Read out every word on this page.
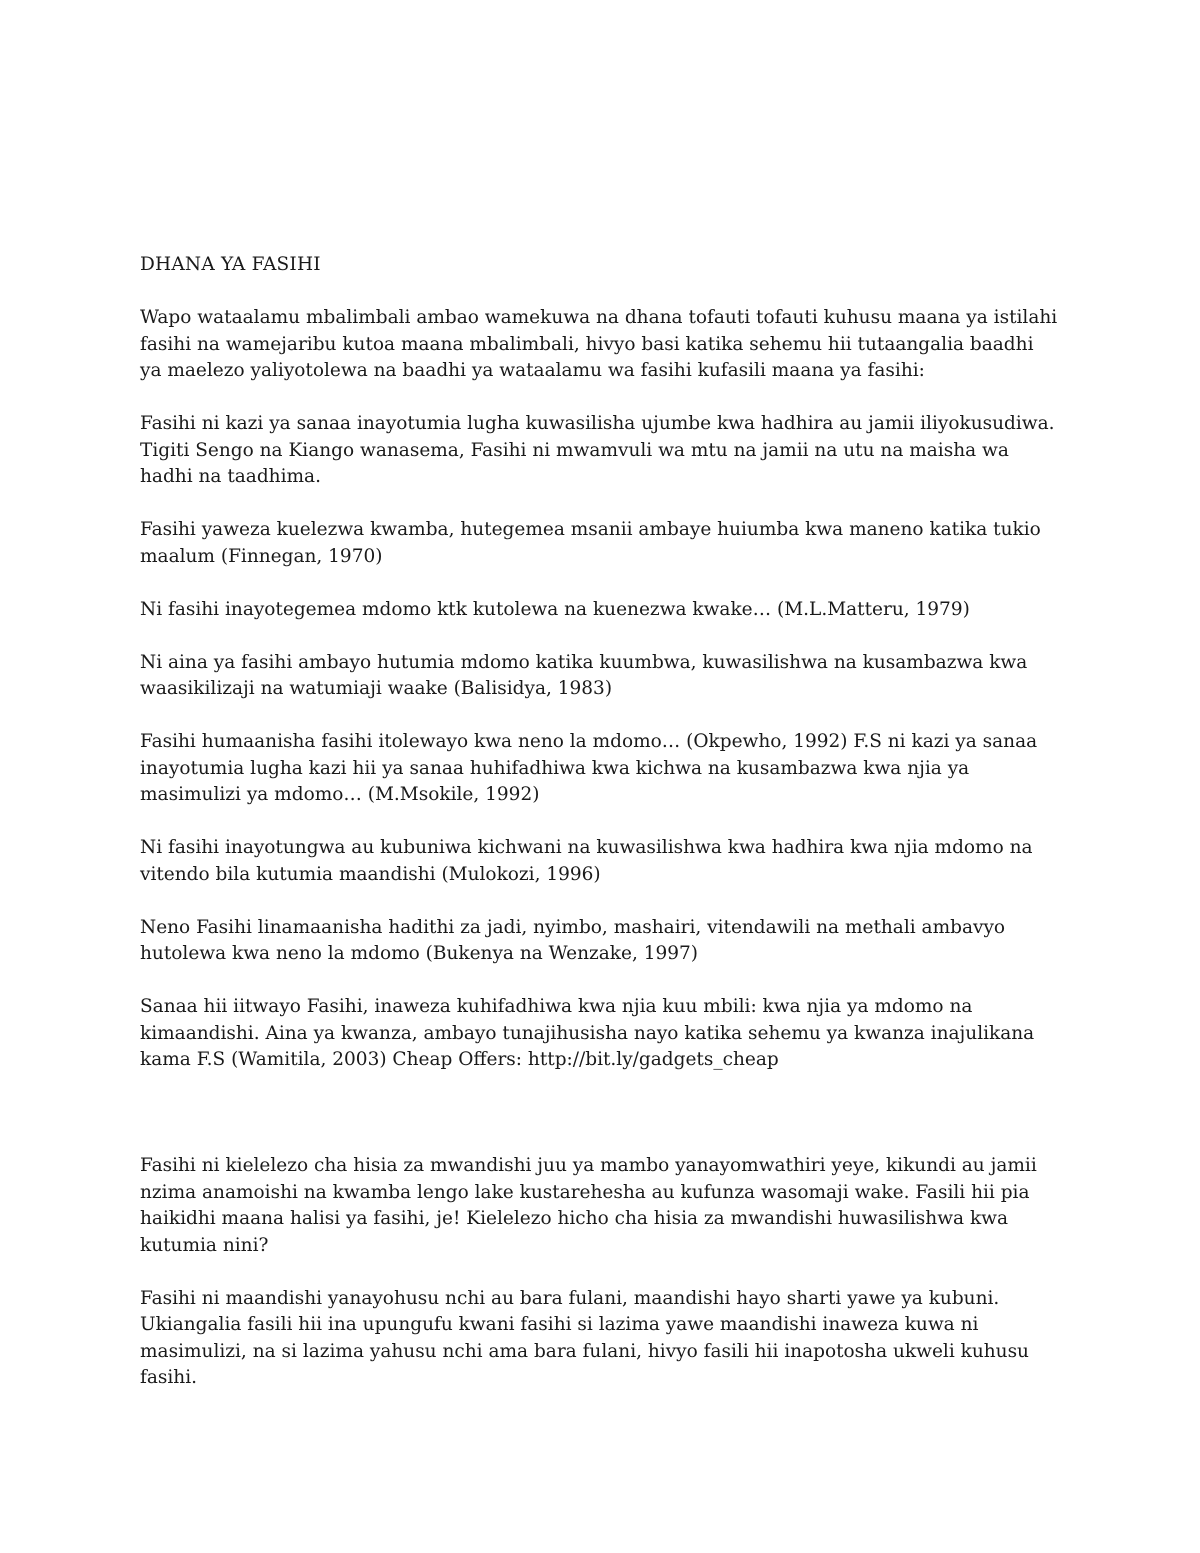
DHANA YA FASIHI

Wapo wataalamu mbalimbali ambao wamekuwa na dhana tofauti tofauti kuhusu maana ya istilahi fasihi na wamejaribu kutoa maana mbalimbali, hivyo basi katika sehemu hii tutaangalia baadhi ya maelezo yaliyotolewa na baadhi ya wataalamu wa fasihi kufasili maana ya fasihi:

Fasihi ni kazi ya sanaa inayotumia lugha kuwasilisha ujumbe kwa hadhira au jamii iliyokusudiwa.

Tigiti Sengo na Kiango wanasema, Fasihi ni mwamvuli wa mtu na jamii na utu na maisha wa hadhi na taadhima.

Fasihi yaweza kuelezwa kwamba, hutegemea msanii ambaye huiumba kwa maneno katika tukio maalum (Finnegan, 1970)

Ni fasihi inayotegemea mdomo ktk kutolewa na kuenezwa kwake… (M.L.Matteru, 1979)

Ni aina ya fasihi ambayo hutumia mdomo katika kuumbwa, kuwasilishwa na kusambazwa kwa waasikilizaji na watumiaji waake (Balisidya, 1983)

Fasihi humaanisha fasihi itolewayo kwa neno la mdomo… (Okpewho, 1992) F.S ni kazi ya sanaa inayotumia lugha kazi hii ya sanaa huhifadhiwa kwa kichwa na kusambazwa kwa njia ya masimulizi ya mdomo… (M.Msokile, 1992)

Ni fasihi inayotungwa au kubuniwa kichwani na kuwasilishwa kwa hadhira kwa njia mdomo na vitendo bila kutumia maandishi (Mulokozi, 1996)

Neno Fasihi linamaanisha hadithi za jadi, nyimbo, mashairi, vitendawili na methali ambavyo hutolewa kwa neno la mdomo (Bukenya na Wenzake, 1997)

Sanaa hii iitwayo Fasihi, inaweza kuhifadhiwa kwa njia kuu mbili: kwa njia ya mdomo na kimaandishi. Aina ya kwanza, ambayo tunajihusisha nayo katika sehemu ya kwanza inajulikana kama F.S (Wamitila, 2003) Cheap Offers: http://bit.ly/gadgets_cheap

Fasihi ni kielelezo cha hisia za mwandishi juu ya mambo yanayomwathiri yeye, kikundi au jamii nzima anamoishi na kwamba lengo lake kustarehesha au kufunza wasomaji wake. Fasili hii pia haikidhi maana halisi ya fasihi, je! Kielelezo hicho cha hisia za mwandishi huwasilishwa kwa kutumia nini?

Fasihi ni maandishi yanayohusu nchi au bara fulani, maandishi hayo sharti yawe ya kubuni. Ukiangalia fasili hii ina upungufu kwani fasihi si lazima yawe maandishi inaweza kuwa ni masimulizi, na si lazima yahusu nchi ama bara fulani, hivyo fasili hii inapotosha ukweli kuhusu fasihi.
